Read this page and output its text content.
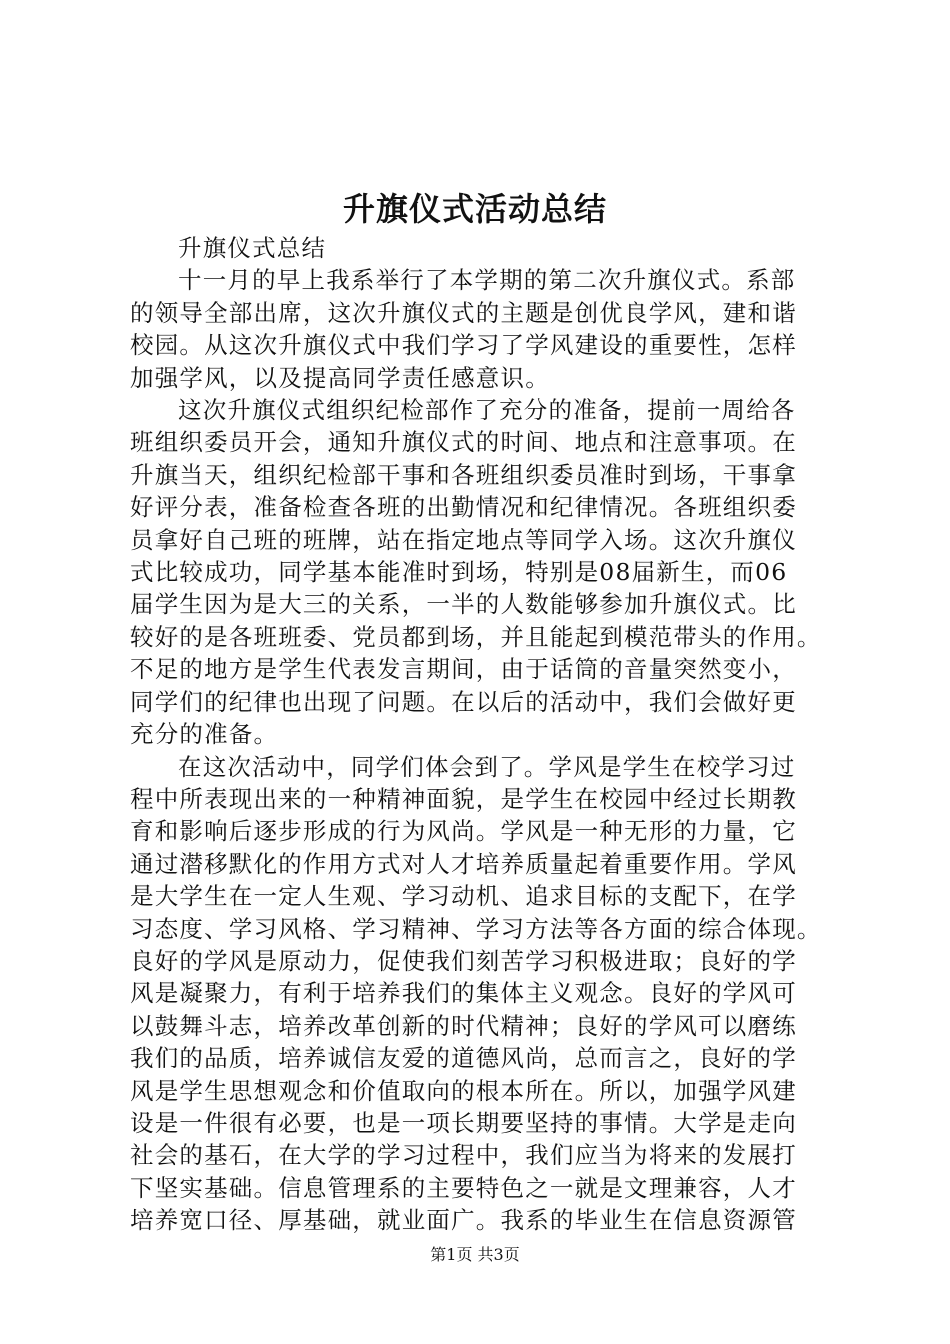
升旗仪式活动总结
升旗仪式总结
十一月的早上我系举行了本学期的第二次升旗仪式。系部
的领导全部出席，这次升旗仪式的主题是创优良学风，建和谐
校园。从这次升旗仪式中我们学习了学风建设的重要性，怎样
加强学风，以及提高同学责任感意识。
这次升旗仪式组织纪检部作了充分的准备，提前一周给各
班组织委员开会，通知升旗仪式的时间、地点和注意事项。在
升旗当天，组织纪检部干事和各班组织委员准时到场，干事拿
好评分表，准备检查各班的出勤情况和纪律情况。各班组织委
员拿好自己班的班牌，站在指定地点等同学入场。这次升旗仪
式比较成功，同学基本能准时到场，特别是08届新生，而06
届学生因为是大三的关系，一半的人数能够参加升旗仪式。比
较好的是各班班委、党员都到场，并且能起到模范带头的作用。
不足的地方是学生代表发言期间，由于话筒的音量突然变小，
同学们的纪律也出现了问题。在以后的活动中，我们会做好更
充分的准备。
在这次活动中，同学们体会到了。学风是学生在校学习过
程中所表现出来的一种精神面貌，是学生在校园中经过长期教
育和影响后逐步形成的行为风尚。学风是一种无形的力量，它
通过潜移默化的作用方式对人才培养质量起着重要作用。学风
是大学生在一定人生观、学习动机、追求目标的支配下，在学
习态度、学习风格、学习精神、学习方法等各方面的综合体现。
良好的学风是原动力，促使我们刻苦学习积极进取；良好的学
风是凝聚力，有利于培养我们的集体主义观念。良好的学风可
以鼓舞斗志，培养改革创新的时代精神；良好的学风可以磨练
我们的品质，培养诚信友爱的道德风尚，总而言之，良好的学
风是学生思想观念和价值取向的根本所在。所以，加强学风建
设是一件很有必要，也是一项长期要坚持的事情。大学是走向
社会的基石，在大学的学习过程中，我们应当为将来的发展打
下坚实基础。信息管理系的主要特色之一就是文理兼容，人才
培养宽口径、厚基础，就业面广。我系的毕业生在信息资源管
第1页 共3页
